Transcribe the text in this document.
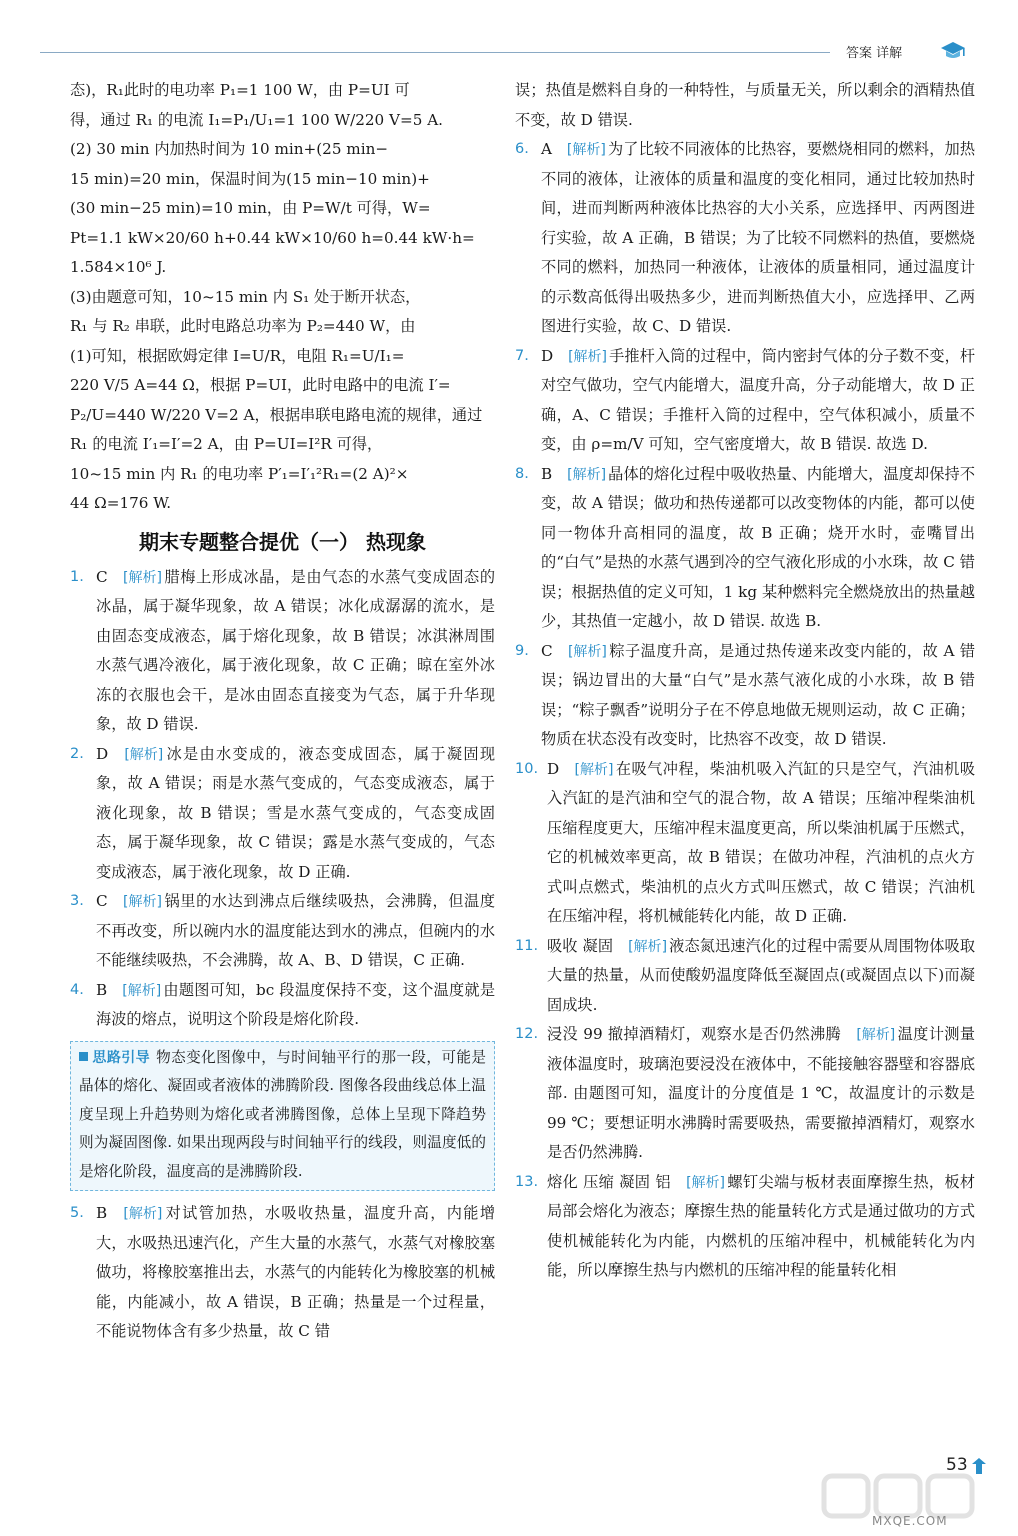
答案 详解

态)，R₁此时的电功率 P₁=1 100 W，由 P=UI 可

得，通过 R₁ 的电流 I₁=P₁/U₁=1 100 W/220 V=5 A.

(2) 30 min 内加热时间为 10 min+(25 min−

15 min)=20 min，保温时间为(15 min−10 min)+

(30 min−25 min)=10 min，由 P=W/t 可得，W=

Pt=1.1 kW×20/60 h+0.44 kW×10/60 h=0.44 kW·h=

1.584×10⁶ J.

(3)由题意可知，10~15 min 内 S₁ 处于断开状态，

R₁ 与 R₂ 串联，此时电路总功率为 P₂=440 W，由

(1)可知，根据欧姆定律 I=U/R，电阻 R₁=U/I₁=

220 V/5 A=44 Ω，根据 P=UI，此时电路中的电流 I′=

P₂/U=440 W/220 V=2 A，根据串联电路电流的规律，通过

R₁ 的电流 I′₁=I′=2 A，由 P=UI=I²R 可得，

10~15 min 内 R₁ 的电功率 P′₁=I′₁²R₁=(2 A)²×

44 Ω=176 W.

期末专题整合提优（一） 热现象

1. C [解析] 腊梅上形成冰晶，是由气态的水蒸气变成固态的冰晶，属于凝华现象，故 A 错误；冰化成潺潺的流水，是由固态变成液态，属于熔化现象，故 B 错误；冰淇淋周围水蒸气遇冷液化，属于液化现象，故 C 正确；晾在室外冰冻的衣服也会干，是冰由固态直接变为气态，属于升华现象，故 D 错误.

2. D [解析] 冰是由水变成的，液态变成固态，属于凝固现象，故 A 错误；雨是水蒸气变成的，气态变成液态，属于液化现象，故 B 错误；雪是水蒸气变成的，气态变成固态，属于凝华现象，故 C 错误；露是水蒸气变成的，气态变成液态，属于液化现象，故 D 正确.

3. C [解析] 锅里的水达到沸点后继续吸热，会沸腾，但温度不再改变，所以碗内水的温度能达到水的沸点，但碗内的水不能继续吸热，不会沸腾，故 A、B、D 错误，C 正确.

4. B [解析] 由题图可知，bc 段温度保持不变，这个温度就是海波的熔点，说明这个阶段是熔化阶段.

思路引导 物态变化图像中，与时间轴平行的那一段，可能是晶体的熔化、凝固或者液体的沸腾阶段. 图像各段曲线总体上温度呈现上升趋势则为熔化或者沸腾图像，总体上呈现下降趋势则为凝固图像. 如果出现两段与时间轴平行的线段，则温度低的是熔化阶段，温度高的是沸腾阶段.

5. B [解析] 对试管加热，水吸收热量，温度升高，内能增大，水吸热迅速汽化，产生大量的水蒸气，水蒸气对橡胶塞做功，将橡胶塞推出去，水蒸气的内能转化为橡胶塞的机械能，内能减小，故 A 错误，B 正确；热量是一个过程量，不能说物体含有多少热量，故 C 错

误；热值是燃料自身的一种特性，与质量无关，所以剩余的酒精热值不变，故 D 错误.

6. A [解析] 为了比较不同液体的比热容，要燃烧相同的燃料，加热不同的液体，让液体的质量和温度的变化相同，通过比较加热时间，进而判断两种液体比热容的大小关系，应选择甲、丙两图进行实验，故 A 正确，B 错误；为了比较不同燃料的热值，要燃烧不同的燃料，加热同一种液体，让液体的质量相同，通过温度计的示数高低得出吸热多少，进而判断热值大小，应选择甲、乙两图进行实验，故 C、D 错误.

7. D [解析] 手推杆入筒的过程中，筒内密封气体的分子数不变，杆对空气做功，空气内能增大，温度升高，分子动能增大，故 D 正确，A、C 错误；手推杆入筒的过程中，空气体积减小，质量不变，由 ρ=m/V 可知，空气密度增大，故 B 错误. 故选 D.

8. B [解析] 晶体的熔化过程中吸收热量、内能增大，温度却保持不变，故 A 错误；做功和热传递都可以改变物体的内能，都可以使同一物体升高相同的温度，故 B 正确；烧开水时，壶嘴冒出的“白气”是热的水蒸气遇到冷的空气液化形成的小水珠，故 C 错误；根据热值的定义可知，1 kg 某种燃料完全燃烧放出的热量越少，其热值一定越小，故 D 错误. 故选 B.

9. C [解析] 粽子温度升高，是通过热传递来改变内能的，故 A 错误；锅边冒出的大量“白气”是水蒸气液化成的小水珠，故 B 错误；“粽子飘香”说明分子在不停息地做无规则运动，故 C 正确；物质在状态没有改变时，比热容不改变，故 D 错误.

10. D [解析] 在吸气冲程，柴油机吸入汽缸的只是空气，汽油机吸入汽缸的是汽油和空气的混合物，故 A 错误；压缩冲程柴油机压缩程度更大，压缩冲程末温度更高，所以柴油机属于压燃式，它的机械效率更高，故 B 错误；在做功冲程，汽油机的点火方式叫点燃式，柴油机的点火方式叫压燃式，故 C 错误；汽油机在压缩冲程，将机械能转化内能，故 D 正确.

11. 吸收 凝固 [解析] 液态氮迅速汽化的过程中需要从周围物体吸取大量的热量，从而使酸奶温度降低至凝固点(或凝固点以下)而凝固成块.

12. 浸没 99 撤掉酒精灯，观察水是否仍然沸腾 [解析] 温度计测量液体温度时，玻璃泡要浸没在液体中，不能接触容器壁和容器底部. 由题图可知，温度计的分度值是 1 ℃，故温度计的示数是 99 ℃；要想证明水沸腾时需要吸热，需要撤掉酒精灯，观察水是否仍然沸腾.

13. 熔化 压缩 凝固 铝 [解析] 螺钉尖端与板材表面摩擦生热，板材局部会熔化为液态；摩擦生热的能量转化方式是通过做功的方式使机械能转化为内能，内燃机的压缩冲程中，机械能转化为内能，所以摩擦生热与内燃机的压缩冲程的能量转化相

MXQE.COM
53
